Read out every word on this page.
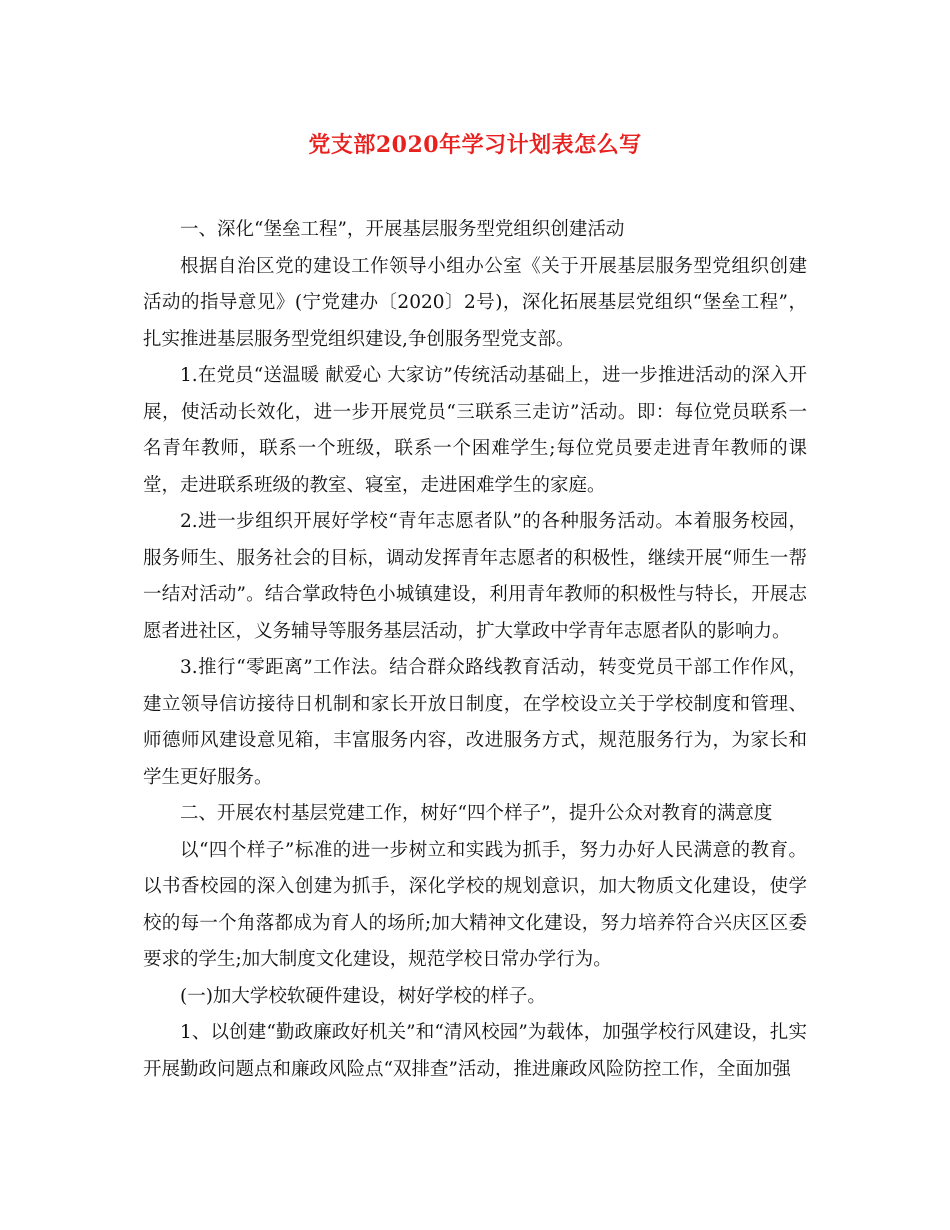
党支部2020年学习计划表怎么写

一、深化“堡垒工程”，开展基层服务型党组织创建活动

根据自治区党的建设工作领导小组办公室《关于开展基层服务型党组织创建活动的指导意见》(宁党建办〔2020〕2号)，深化拓展基层党组织“堡垒工程”，扎实推进基层服务型党组织建设,争创服务型党支部。

1.在党员“送温暖 献爱心 大家访”传统活动基础上，进一步推进活动的深入开展，使活动长效化，进一步开展党员“三联系三走访”活动。即：每位党员联系一名青年教师，联系一个班级，联系一个困难学生;每位党员要走进青年教师的课堂，走进联系班级的教室、寝室，走进困难学生的家庭。

2.进一步组织开展好学校“青年志愿者队”的各种服务活动。本着服务校园，服务师生、服务社会的目标，调动发挥青年志愿者的积极性，继续开展“师生一帮一结对活动”。结合掌政特色小城镇建设，利用青年教师的积极性与特长，开展志愿者进社区，义务辅导等服务基层活动，扩大掌政中学青年志愿者队的影响力。

3.推行“零距离”工作法。结合群众路线教育活动，转变党员干部工作作风，建立领导信访接待日机制和家长开放日制度，在学校设立关于学校制度和管理、师德师风建设意见箱，丰富服务内容，改进服务方式，规范服务行为，为家长和学生更好服务。

二、开展农村基层党建工作，树好“四个样子”，提升公众对教育的满意度

以“四个样子”标准的进一步树立和实践为抓手，努力办好人民满意的教育。以书香校园的深入创建为抓手，深化学校的规划意识，加大物质文化建设，使学校的每一个角落都成为育人的场所;加大精神文化建设，努力培养符合兴庆区区委要求的学生;加大制度文化建设，规范学校日常办学行为。

(一)加大学校软硬件建设，树好学校的样子。

1、以创建“勤政廉政好机关”和“清风校园”为载体，加强学校行风建设，扎实开展勤政问题点和廉政风险点“双排查”活动，推进廉政风险防控工作，全面加强
